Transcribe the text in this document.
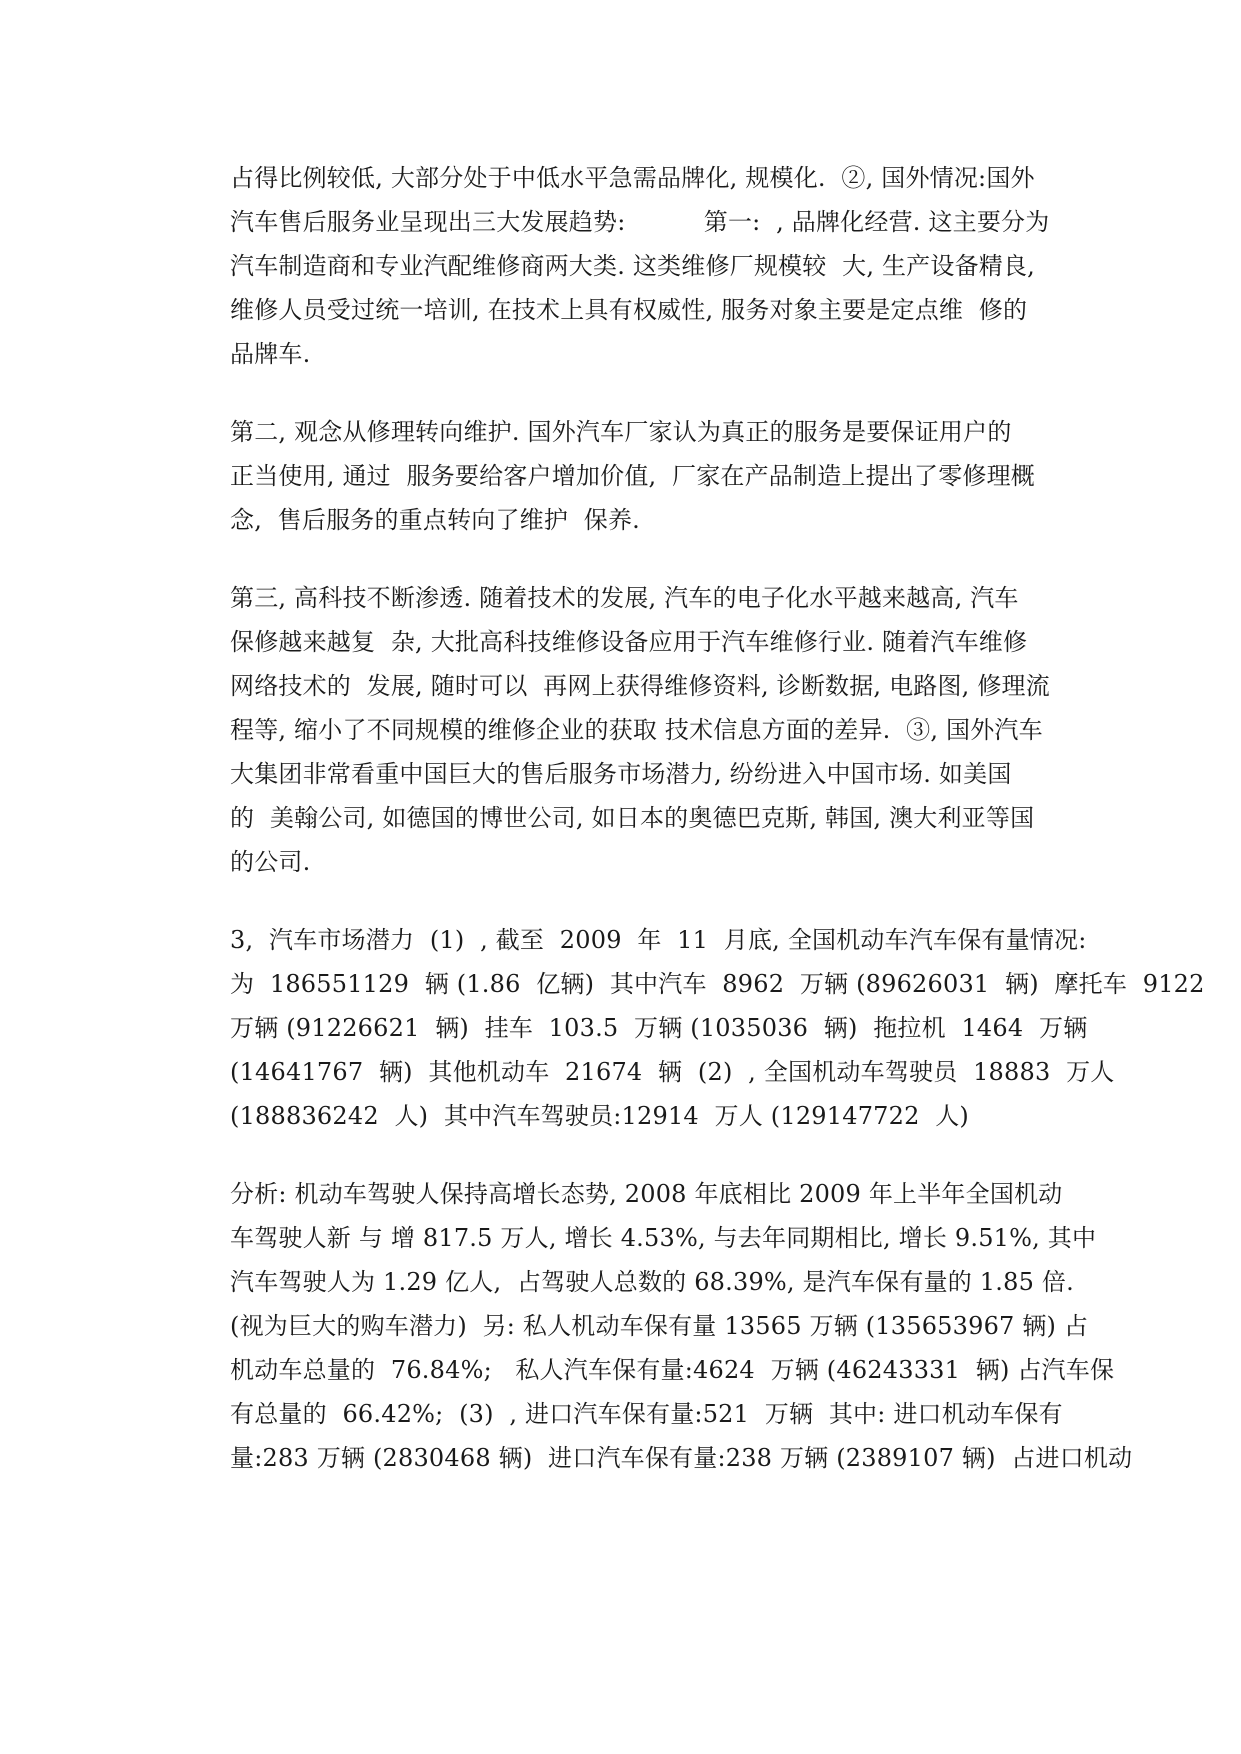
占得比例较低, 大部分处于中低水平急需品牌化, 规模化.  ②, 国外情况:国外
汽车售后服务业呈现出三大发展趋势:          第一:  , 品牌化经营. 这主要分为
汽车制造商和专业汽配维修商两大类. 这类维修厂规模较  大, 生产设备精良,
维修人员受过统一培训, 在技术上具有权威性, 服务对象主要是定点维  修的
品牌车.
第二, 观念从修理转向维护. 国外汽车厂家认为真正的服务是要保证用户的
正当使用, 通过  服务要给客户增加价值,  厂家在产品制造上提出了零修理概
念,  售后服务的重点转向了维护  保养.
第三, 高科技不断渗透. 随着技术的发展, 汽车的电子化水平越来越高, 汽车
保修越来越复  杂, 大批高科技维修设备应用于汽车维修行业. 随着汽车维修
网络技术的  发展, 随时可以  再网上获得维修资料, 诊断数据, 电路图, 修理流
程等, 缩小了不同规模的维修企业的获取 技术信息方面的差异.  ③, 国外汽车
大集团非常看重中国巨大的售后服务市场潜力, 纷纷进入中国市场. 如美国
的  美翰公司, 如德国的博世公司, 如日本的奥德巴克斯, 韩国, 澳大利亚等国
的公司.
3,  汽车市场潜力  (1)  , 截至  2009  年  11  月底, 全国机动车汽车保有量情况:
为  186551129  辆 (1.86  亿辆)  其中汽车  8962  万辆 (89626031  辆)  摩托车  9122
万辆 (91226621  辆)  挂车  103.5  万辆 (1035036  辆)  拖拉机  1464  万辆
(14641767  辆)  其他机动车  21674  辆  (2)  , 全国机动车驾驶员  18883  万人
(188836242  人)  其中汽车驾驶员:12914  万人 (129147722  人)
分析: 机动车驾驶人保持高增长态势, 2008 年底相比 2009 年上半年全国机动
车驾驶人新 与 增 817.5 万人, 增长 4.53%, 与去年同期相比, 增长 9.51%, 其中
汽车驾驶人为 1.29 亿人,  占驾驶人总数的 68.39%, 是汽车保有量的 1.85 倍.
(视为巨大的购车潜力)  另: 私人机动车保有量 13565 万辆 (135653967 辆) 占
机动车总量的  76.84%;   私人汽车保有量:4624  万辆 (46243331  辆) 占汽车保
有总量的  66.42%;  (3)  , 进口汽车保有量:521  万辆  其中: 进口机动车保有
量:283 万辆 (2830468 辆)  进口汽车保有量:238 万辆 (2389107 辆)  占进口机动
